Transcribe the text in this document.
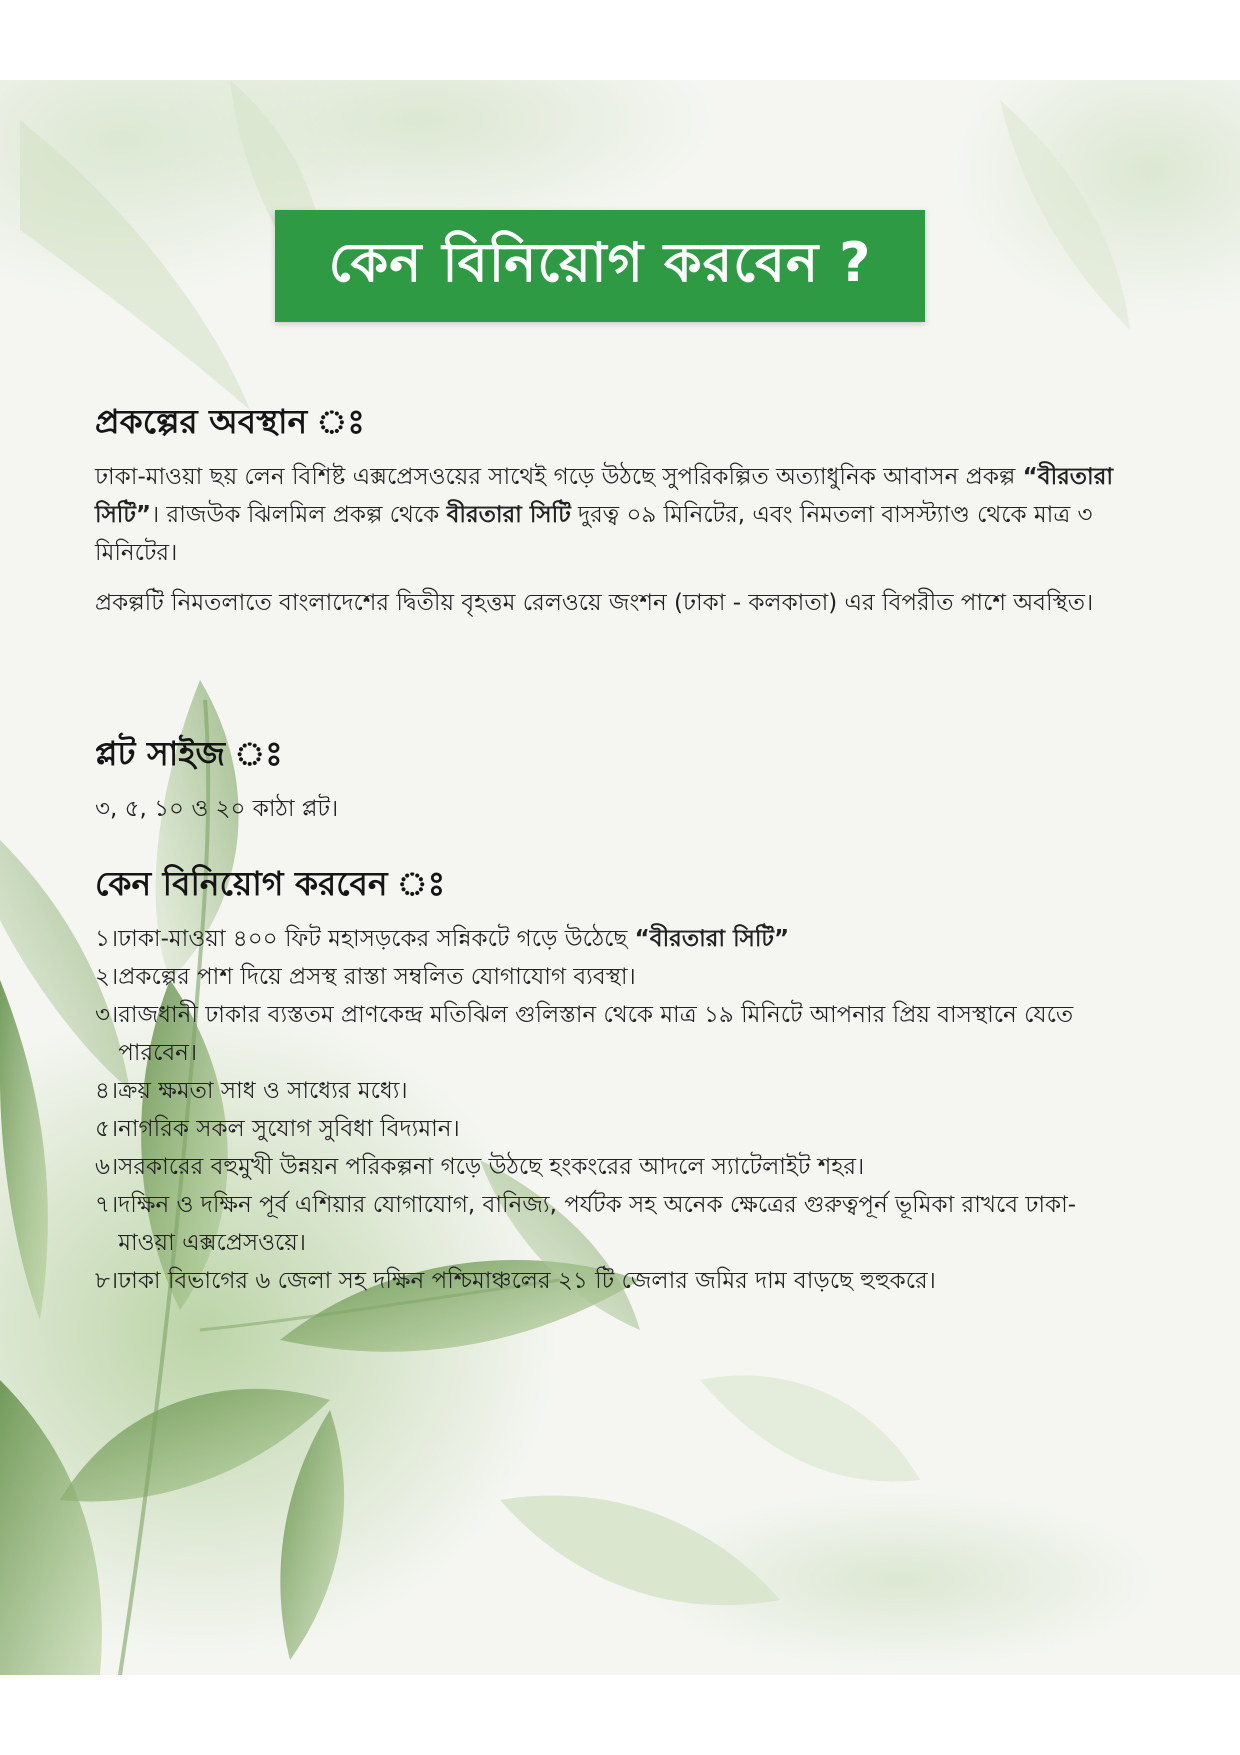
কেন বিনিয়োগ করবেন ?
প্রকল্পের অবস্থান ঃ

ঢাকা-মাওয়া ছয় লেন বিশিষ্ট এক্সপ্রেসওয়ের সাথেই গড়ে উঠছে সুপরিকল্পিত অত্যাধুনিক আবাসন প্রকল্প “বীরতারা সিটি”। রাজউক ঝিলমিল প্রকল্প থেকে বীরতারা সিটি দুরত্ব ০৯ মিনিটের, এবং নিমতলা বাসস্ট্যাণ্ড থেকে মাত্র ৩ মিনিটের।

প্রকল্পটি নিমতলাতে বাংলাদেশের দ্বিতীয় বৃহত্তম রেলওয়ে জংশন (ঢাকা - কলকাতা) এর বিপরীত পাশে অবস্থিত।

প্লট সাইজ ঃ

৩, ৫, ১০ ও ২০ কাঠা প্লট।

কেন বিনিয়োগ করবেন ঃ
১। ঢাকা-মাওয়া ৪০০ ফিট মহাসড়কের সন্নিকটে গড়ে উঠেছে “বীরতারা সিটি”
২। প্রকল্পের পাশ দিয়ে প্রসস্থ রাস্তা সম্বলিত যোগাযোগ ব্যবস্থা।
৩। রাজধানী ঢাকার ব্যস্ততম প্রাণকেন্দ্র মতিঝিল গুলিস্তান থেকে মাত্র ১৯ মিনিটে আপনার প্রিয় বাসস্থানে যেতে পারবেন।
৪। ক্রয় ক্ষমতা সাধ ও সাধ্যের মধ্যে।
৫। নাগরিক সকল সুযোগ সুবিধা বিদ্যমান।
৬। সরকারের বহুমুখী উন্নয়ন পরিকল্পনা গড়ে উঠছে হংকংরের আদলে স্যাটেলাইট শহর।
৭। দক্ষিন ও দক্ষিন পূর্ব এশিয়ার যোগাযোগ, বানিজ্য, পর্যটক সহ অনেক ক্ষেত্রের গুরুত্বপূর্ন ভূমিকা রাখবে ঢাকা-মাওয়া এক্সপ্রেসওয়ে।
৮। ঢাকা বিভাগের ৬ জেলা সহ দক্ষিন পশ্চিমাঞ্চলের ২১ টি জেলার জমির দাম বাড়ছে হুহুকরে।
